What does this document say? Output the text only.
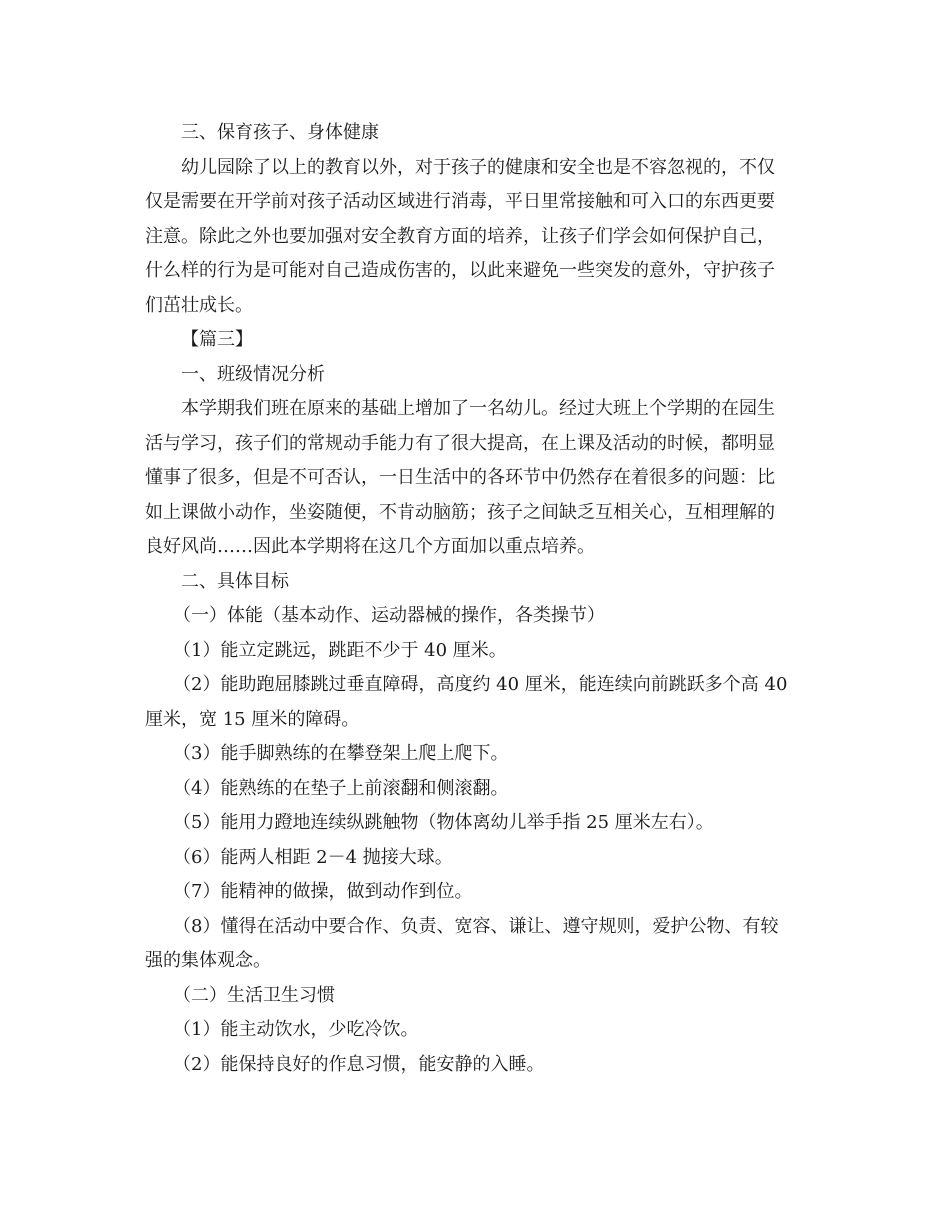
三、保育孩子、身体健康
幼儿园除了以上的教育以外，对于孩子的健康和安全也是不容忽视的，不仅
仅是需要在开学前对孩子活动区域进行消毒，平日里常接触和可入口的东西更要
注意。除此之外也要加强对安全教育方面的培养，让孩子们学会如何保护自己，
什么样的行为是可能对自己造成伤害的，以此来避免一些突发的意外，守护孩子
们茁壮成长。
【篇三】
一、班级情况分析
本学期我们班在原来的基础上增加了一名幼儿。经过大班上个学期的在园生
活与学习，孩子们的常规动手能力有了很大提高，在上课及活动的时候，都明显
懂事了很多，但是不可否认，一日生活中的各环节中仍然存在着很多的问题：比
如上课做小动作，坐姿随便，不肯动脑筋；孩子之间缺乏互相关心，互相理解的
良好风尚……因此本学期将在这几个方面加以重点培养。
二、具体目标
（一）体能（基本动作、运动器械的操作，各类操节）
（1）能立定跳远，跳距不少于 40 厘米。
（2）能助跑屈膝跳过垂直障碍，高度约 40 厘米，能连续向前跳跃多个高 40
厘米，宽 15 厘米的障碍。
（3）能手脚熟练的在攀登架上爬上爬下。
（4）能熟练的在垫子上前滚翻和侧滚翻。
（5）能用力蹬地连续纵跳触物（物体离幼儿举手指 25 厘米左右）。
（6）能两人相距 2－4 抛接大球。
（7）能精神的做操，做到动作到位。
（8）懂得在活动中要合作、负责、宽容、谦让、遵守规则，爱护公物、有较
强的集体观念。
（二）生活卫生习惯
（1）能主动饮水，少吃冷饮。
（2）能保持良好的作息习惯，能安静的入睡。
